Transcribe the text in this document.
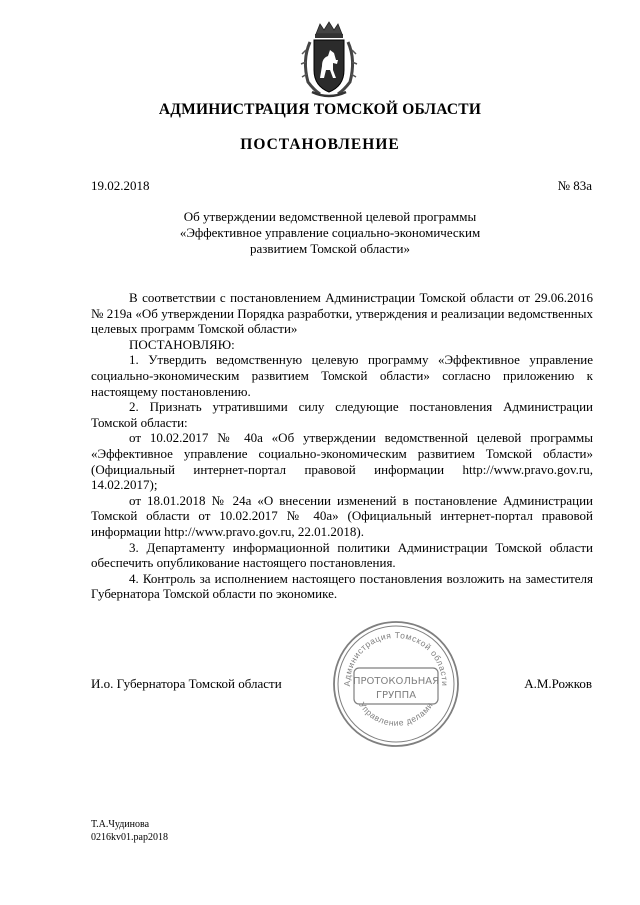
АДМИНИСТРАЦИЯ ТОМСКОЙ ОБЛАСТИ
ПОСТАНОВЛЕНИЕ
19.02.2018	№ 83а
Об утверждении ведомственной целевой программы
«Эффективное управление социально-экономическим
развитием Томской области»

В соответствии с постановлением Администрации Томской области от 29.06.2016 № 219а «Об утверждении Порядка разработки, утверждения и реализации ведомственных целевых программ Томской области»

ПОСТАНОВЛЯЮ:

1. Утвердить ведомственную целевую программу «Эффективное управление социально-экономическим развитием Томской области» согласно приложению к настоящему постановлению.

2. Признать утратившими силу следующие постановления Администрации Томской области:

от 10.02.2017 № 40а «Об утверждении ведомственной целевой программы «Эффективное управление социально-экономическим развитием Томской области» (Официальный интернет-портал правовой информации http://www.pravo.gov.ru, 14.02.2017);

от 18.01.2018 № 24а «О внесении изменений в постановление Администрации Томской области от 10.02.2017 № 40а» (Официальный интернет-портал правовой информации http://www.pravo.gov.ru, 22.01.2018).

3. Департаменту информационной политики Администрации Томской области обеспечить опубликование настоящего постановления.

4. Контроль за исполнением настоящего постановления возложить на заместителя Губернатора Томской области по экономике.

Администрация Томской области
Управление делами
ПРОТОКОЛЬНАЯ
ГРУППА
И.о. Губернатора Томской области	А.М.Рожков
Т.А.Чудинова
0216kv01.pap2018
